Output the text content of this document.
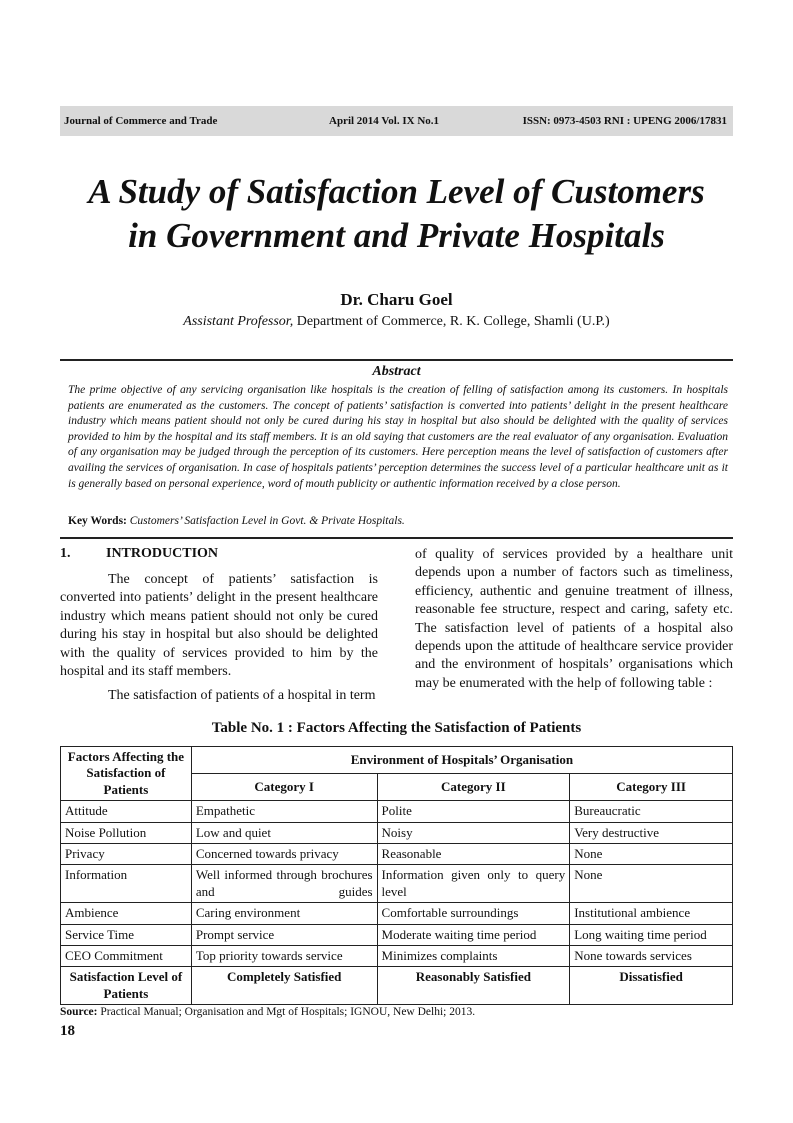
Journal of Commerce and Trade	April 2014 Vol. IX No.1	ISSN: 0973-4503 RNI : UPENG 2006/17831
A Study of Satisfaction Level of Customers
in Government and Private Hospitals
Dr. Charu Goel
Assistant Professor, Department of Commerce, R. K. College, Shamli (U.P.)
Abstract
The prime objective of any servicing organisation like hospitals is the creation of felling of satisfaction among its customers. In hospitals patients are enumerated as the customers. The concept of patients’ satisfaction is converted into patients’ delight in the present healthcare industry which means patient should not only be cured during his stay in hospital but also should be delighted with the quality of services provided to him by the hospital and its staff members. It is an old saying that customers are the real evaluator of any organisation. Evaluation of any organisation may be judged through the perception of its customers. Here perception means the level of satisfaction of customers after availing the services of organisation. In case of hospitals patients’ perception determines the success level of a particular healthcare unit as it is generally based on personal experience, word of mouth publicity or authentic information received by a close person.
Key Words: Customers’ Satisfaction Level in Govt. & Private Hospitals.
1.	INTRODUCTION

The concept of patients’ satisfaction is converted into patients’ delight in the present healthcare industry which means patient should not only be cured during his stay in hospital but also should be delighted with the quality of services provided to him by the hospital and its staff members.

The satisfaction of patients of a hospital in term

of quality of services provided by a healthare unit depends upon a number of factors such as timeliness, efficiency, authentic and genuine treatment of illness, reasonable fee structure, respect and caring, safety etc. The satisfaction level of patients of a hospital also depends upon the attitude of healthcare service provider and the environment of hospitals’ organisations which may be enumerated with the help of following table :

Table No. 1 : Factors Affecting the Satisfaction of Patients
Factors Affecting the Satisfaction of Patients	Environment of Hospitals’ Organisation		
	Category I	Category II	Category III
Attitude	Empathetic	Polite	Bureaucratic
Noise Pollution	Low and quiet	Noisy	Very destructive
Privacy	Concerned towards privacy	Reasonable	None
Information	Well informed through brochures and guides	Information given only to query level	None
Ambience	Caring environment	Comfortable surroundings	Institutional ambience
Service Time	Prompt service	Moderate waiting time period	Long waiting time period
CEO Commitment	Top priority towards service	Minimizes complaints	None towards services
Satisfaction Level of Patients	Completely Satisfied	Reasonably Satisfied	Dissatisfied
Source: Practical Manual; Organisation and Mgt of Hospitals; IGNOU, New Delhi; 2013.
18
